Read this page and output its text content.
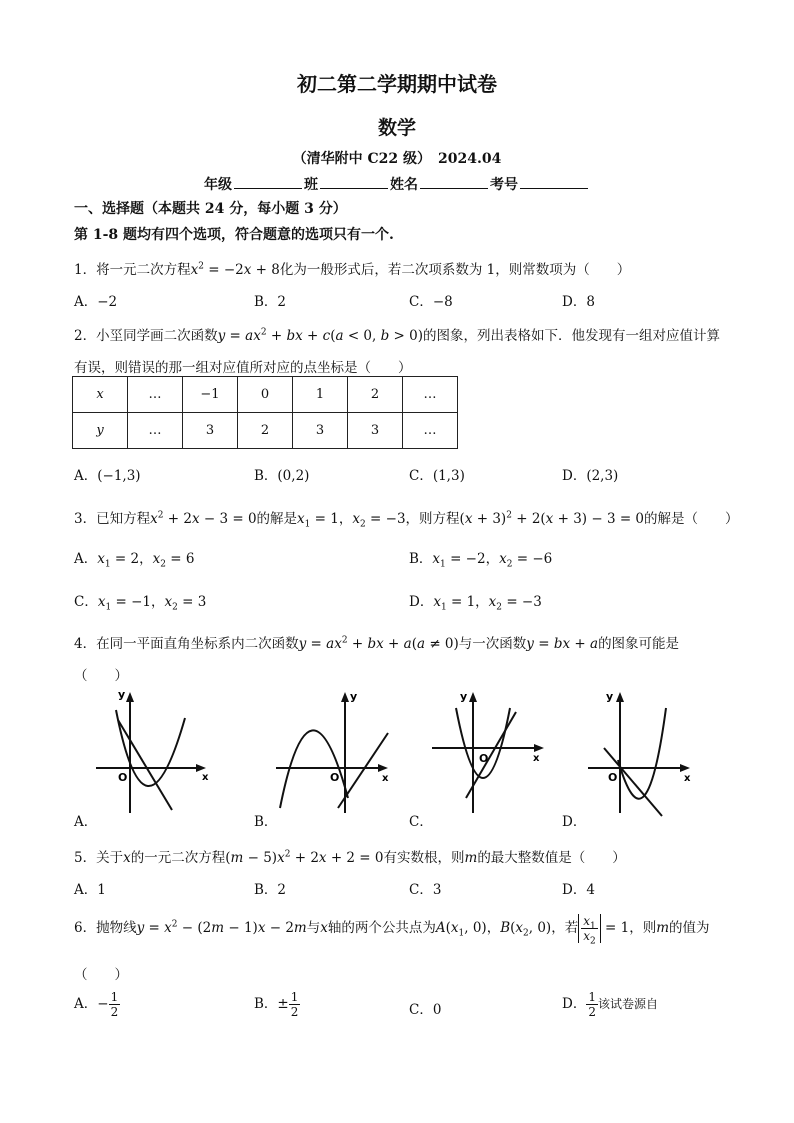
初二第二学期期中试卷
数学
（清华附中 C22 级）　2024.04
年级	班	姓名	考号
一、选择题（本题共 24 分，每小题 3 分）
第 1-8 题均有四个选项，符合题意的选项只有一个.
1．将一元二次方程$x^2 = -2x + 8$化为一般形式后，若二次项系数为 1，则常数项为（　　）
A．−2	B．2	C．−8	D．8
2．小坙同学画二次函数$y = ax^2$ + bx + c(a < 0, b > 0)的图象，列出表格如下．他发现有一组对应值计算
有误，则错误的那一组对应值所对应的点坐标是（　　）
x	…	−1	0	1	2	…
y	…	3	2	3	3	…
A．(−1,3)	B．(0,2)	C．(1,3)	D．(2,3)
3．已知方程$x^2 + 2x - 3 = 0$的解是$x_1 = 1$，$x_2 = -3$，则方程$(x + 3)^2 + 2(x + 3) - 3 = 0$的解是（　　）
A．$x_1 = 2$，$x_2 = 6$	B．$x_1 = -2$，$x_2 = -6$
C．$x_1 = -1$，$x_2 = 3$	D．$x_1 = 1$，$x_2 = -3$
4．在同一平面直角坐标系内二次函数$y = ax^2$ + bx + a(a ≠ 0)与一次函数y = bx + a的图象可能是
（　　）
y
x
O
A．
y
x
O
B．
y
x
O
C．
y
x
O
D．
5．关于x的一元二次方程$(m - 5)x^2 + 2x + 2 = 0$有实数根，则m的最大整数值是（　　）
A．1	B．2	C．3	D．4
6．抛物线$y = x^2 - (2m - 1)x - 2m$与x轴的两个公共点为$A(x_1$, 0)，$B(x_2$, 0)，若 $\frac{x_1}{x_2} = 1$，则m的值为
（　　）
A．− $\frac{1}{2}$	B．± $\frac{1}{2}$	C．0	D． $\frac{1}{2}$ 该试卷源自
